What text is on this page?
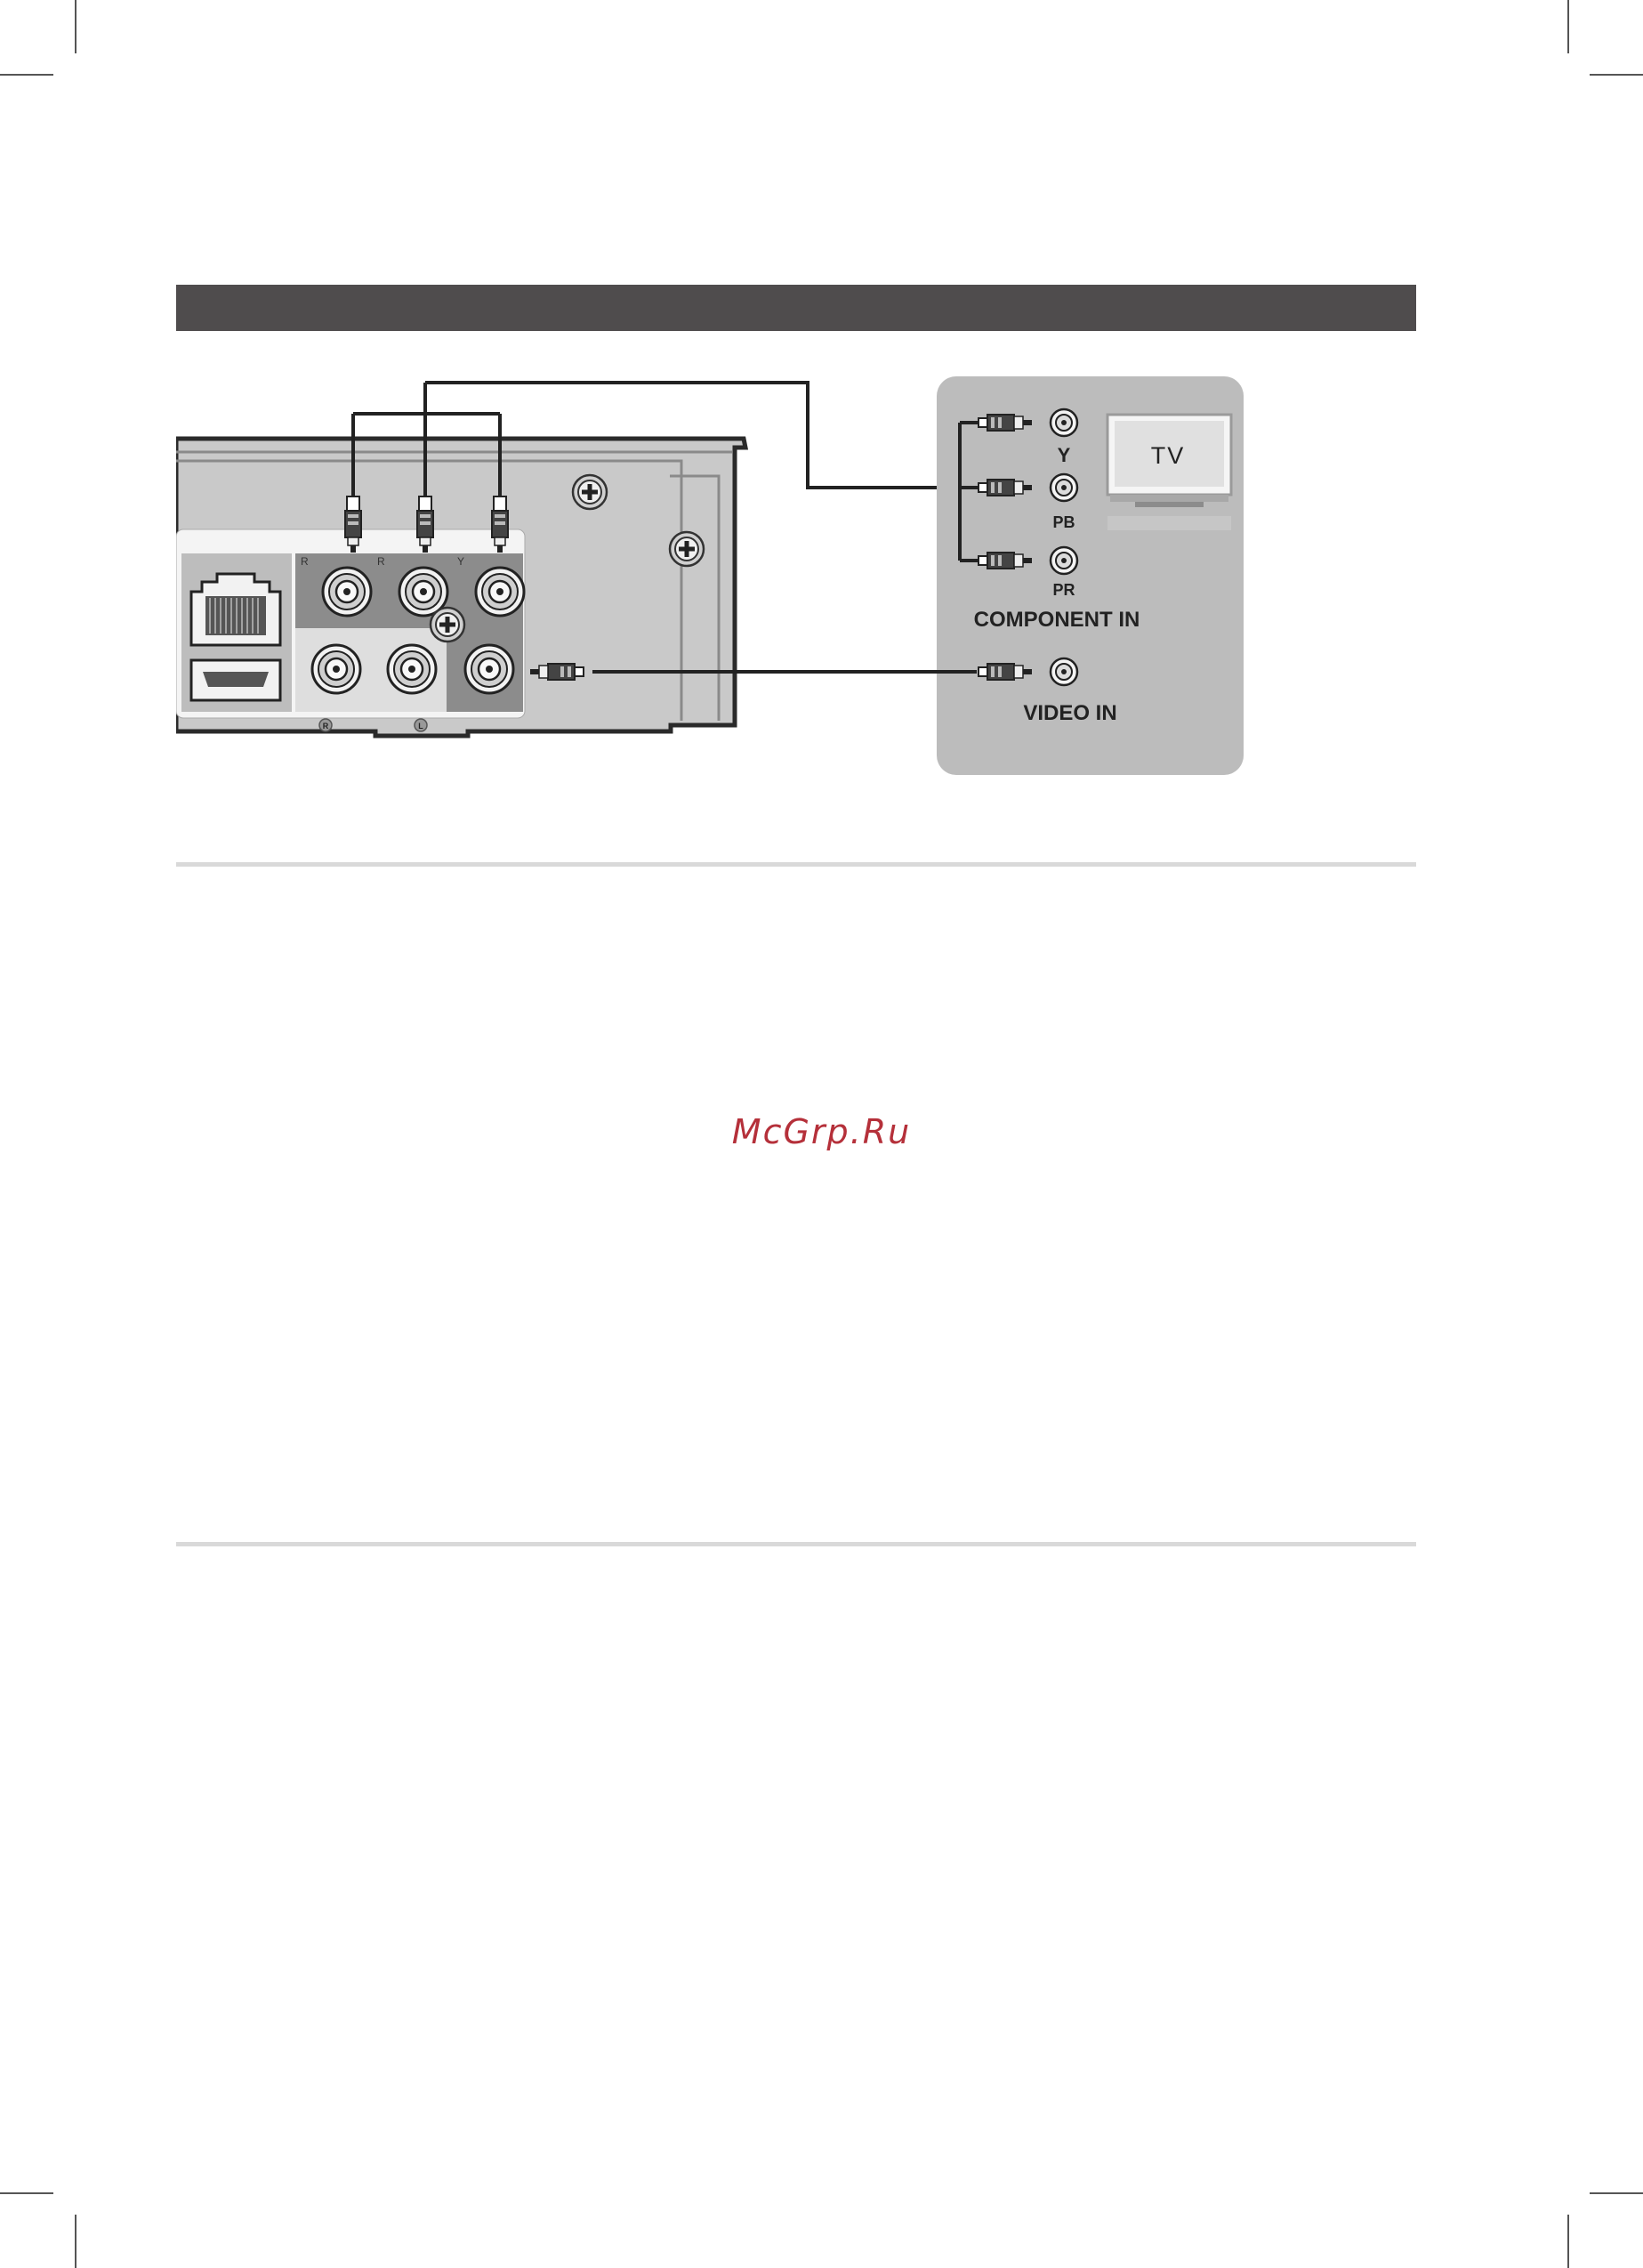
R	R	Y
R	L
TV
Y
PB
PR
COMPONENT IN
VIDEO IN
McGrp.Ru
